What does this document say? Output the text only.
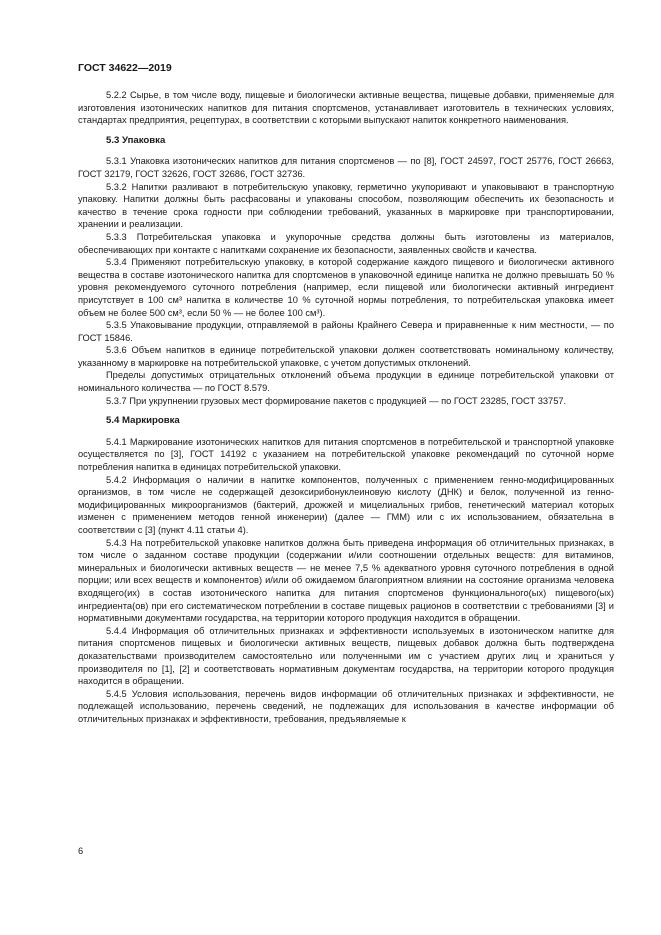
ГОСТ 34622—2019

5.2.2 Сырье, в том числе воду, пищевые и биологически активные вещества, пищевые добавки, применяемые для изготовления изотонических напитков для питания спортсменов, устанавливает изготовитель в технических условиях, стандартах предприятия, рецептурах, в соответствии с которыми выпускают напиток конкретного наименования.

5.3 Упаковка

5.3.1 Упаковка изотонических напитков для питания спортсменов — по [8], ГОСТ 24597, ГОСТ 25776, ГОСТ 26663, ГОСТ 32179, ГОСТ 32626, ГОСТ 32686, ГОСТ 32736.

5.3.2 Напитки разливают в потребительскую упаковку, герметично укупоривают и упаковывают в транспортную упаковку. Напитки должны быть расфасованы и упакованы способом, позволяющим обеспечить их безопасность и качество в течение срока годности при соблюдении требований, указанных в маркировке при транспортировании, хранении и реализации.

5.3.3 Потребительская упаковка и укупорочные средства должны быть изготовлены из материалов, обеспечивающих при контакте с напитками сохранение их безопасности, заявленных свойств и качества.

5.3.4 Применяют потребительскую упаковку, в которой содержание каждого пищевого и биологически активного вещества в составе изотонического напитка для спортсменов в упаковочной единице напитка не должно превышать 50 % уровня рекомендуемого суточного потребления (например, если пищевой или биологически активный ингредиент присутствует в 100 см³ напитка в количестве 10 % суточной нормы потребления, то потребительская упаковка имеет объем не более 500 см³, если 50 % — не более 100 см³).

5.3.5 Упаковывание продукции, отправляемой в районы Крайнего Севера и приравненные к ним местности, — по ГОСТ 15846.

5.3.6 Объем напитков в единице потребительской упаковки должен соответствовать номинальному количеству, указанному в маркировке на потребительской упаковке, с учетом допустимых отклонений.

Пределы допустимых отрицательных отклонений объема продукции в единице потребительской упаковки от номинального количества — по ГОСТ 8.579.

5.3.7 При укрупнении грузовых мест формирование пакетов с продукцией — по ГОСТ 23285, ГОСТ 33757.

5.4 Маркировка

5.4.1 Маркирование изотонических напитков для питания спортсменов в потребительской и транспортной упаковке осуществляется по [3], ГОСТ 14192 с указанием на потребительской упаковке рекомендаций по суточной норме потребления напитка в единицах потребительской упаковки.

5.4.2 Информация о наличии в напитке компонентов, полученных с применением генно-модифицированных организмов, в том числе не содержащей дезоксирибонуклеиновую кислоту (ДНК) и белок, полученной из генно-модифицированных микроорганизмов (бактерий, дрожжей и мицелиальных грибов, генетический материал которых изменен с применением методов генной инженерии) (далее — ГММ) или с их использованием, обязательна в соответствии с [3] (пункт 4.11 статьи 4).

5.4.3 На потребительской упаковке напитков должна быть приведена информация об отличительных признаках, в том числе о заданном составе продукции (содержании и/или соотношении отдельных веществ: для витаминов, минеральных и биологически активных веществ — не менее 7,5 % адекватного уровня суточного потребления в одной порции; или всех веществ и компонентов) и/или об ожидаемом благоприятном влиянии на состояние организма человека входящего(их) в состав изотонического напитка для питания спортсменов функционального(ых) пищевого(ых) ингредиента(ов) при его систематическом потреблении в составе пищевых рационов в соответствии с требованиями [3] и нормативными документами государства, на территории которого продукция находится в обращении.

5.4.4 Информация об отличительных признаках и эффективности используемых в изотоническом напитке для питания спортсменов пищевых и биологически активных веществ, пищевых добавок должна быть подтверждена доказательствами производителем самостоятельно или полученными им с участием других лиц и храниться у производителя по [1], [2] и соответствовать нормативным документам государства, на территории которого продукция находится в обращении.

5.4.5 Условия использования, перечень видов информации об отличительных признаках и эффективности, не подлежащей использованию, перечень сведений, не подлежащих для использования в качестве информации об отличительных признаках и эффективности, требования, предъявляемые к

6
